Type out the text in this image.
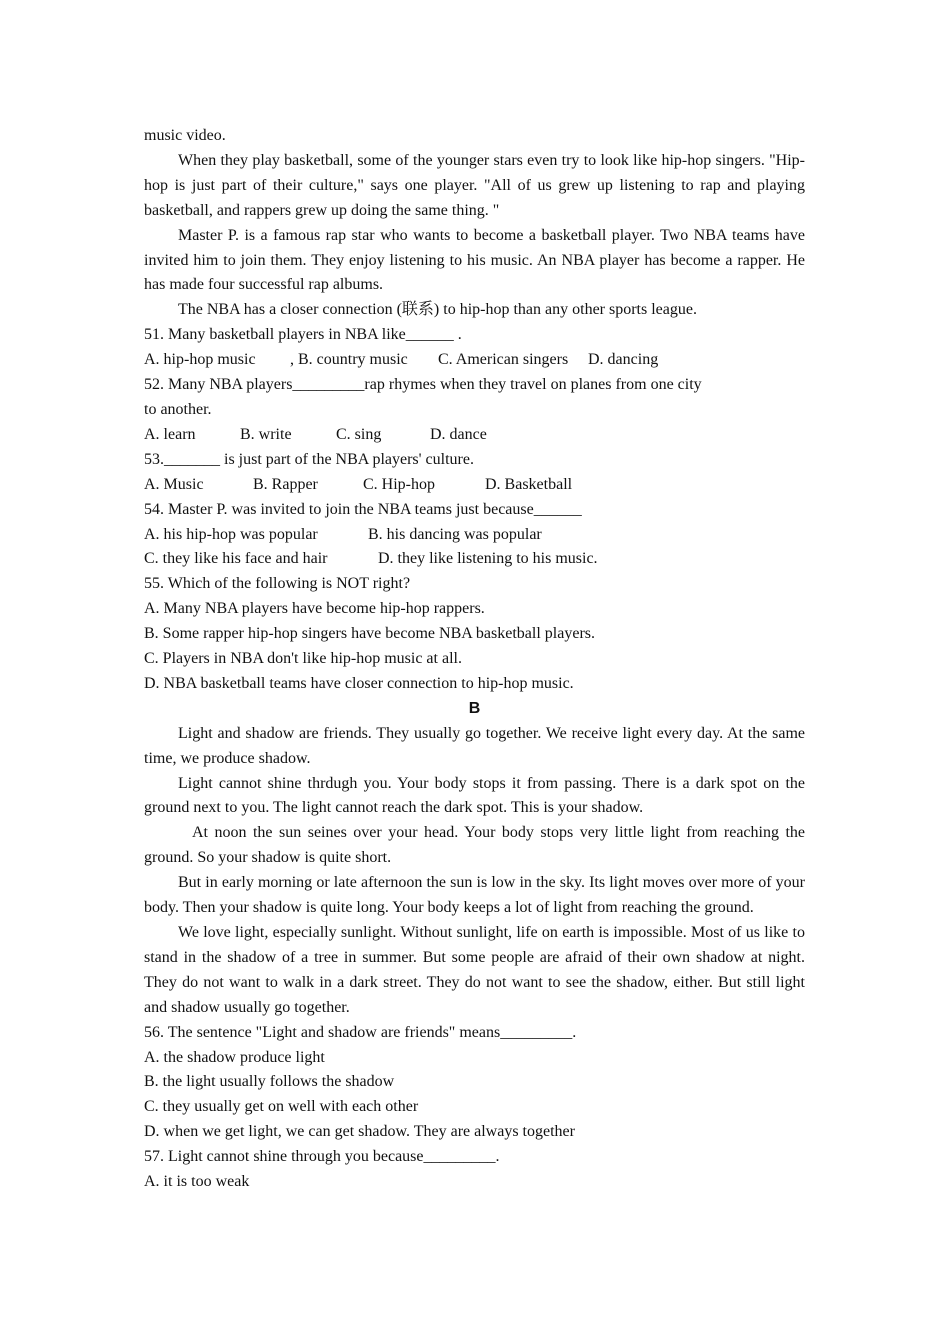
music video.

When they play basketball, some of the younger stars even try to look like hip-hop singers. "Hip-hop is just part of their culture," says one player. "All of us grew up listening to rap and playing basketball, and rappers grew up doing the same thing. "

Master P. is a famous rap star who wants to become a basketball player. Two NBA teams have invited him to join them. They enjoy listening to his music. An NBA player has become a rapper. He has made four successful rap albums.

The NBA has a closer connection (联系) to hip-hop than any other sports league.

51. Many basketball players in NBA like______ .

A. hip-hop music , B. country music C. American singers D. dancing

52. Many NBA players_________rap rhymes when they travel on planes from one city

to another.

A. learn	B. write	C. sing	D. dance

53._______ is just part of the NBA players' culture.

A. Music	B. Rapper	C. Hip-hop	D. Basketball

54. Master P. was invited to join the NBA teams just because______

A. his hip-hop was popular	B. his dancing was popular

C. they like his face and hair	D. they like listening to his music.

55. Which of the following is NOT right?

A. Many NBA players have become hip-hop rappers.

B. Some rapper hip-hop singers have become NBA basketball players.

C. Players in NBA don't like hip-hop music at all.

D. NBA basketball teams have closer connection to hip-hop music.

B

Light and shadow are friends. They usually go together. We receive light every day. At the same time, we produce shadow.

Light cannot shine thrdugh you. Your body stops it from passing. There is a dark spot on the ground next to you. The light cannot reach the dark spot. This is your shadow.

At noon the sun seines over your head. Your body stops very little light from reaching the ground. So your shadow is quite short.

But in early morning or late afternoon the sun is low in the sky. Its light moves over more of your body. Then your shadow is quite long. Your body keeps a lot of light from reaching the ground.

We love light, especially sunlight. Without sunlight, life on earth is impossible. Most of us like to stand in the shadow of a tree in summer. But some people are afraid of their own shadow at night. They do not want to walk in a dark street. They do not want to see the shadow, either. But still light and shadow usually go together.

56. The sentence "Light and shadow are friends" means_________.

A. the shadow produce light

B. the light usually follows the shadow

C. they usually get on well with each other

D. when we get light, we can get shadow. They are always together

57. Light cannot shine through you because_________.

A. it is too weak
